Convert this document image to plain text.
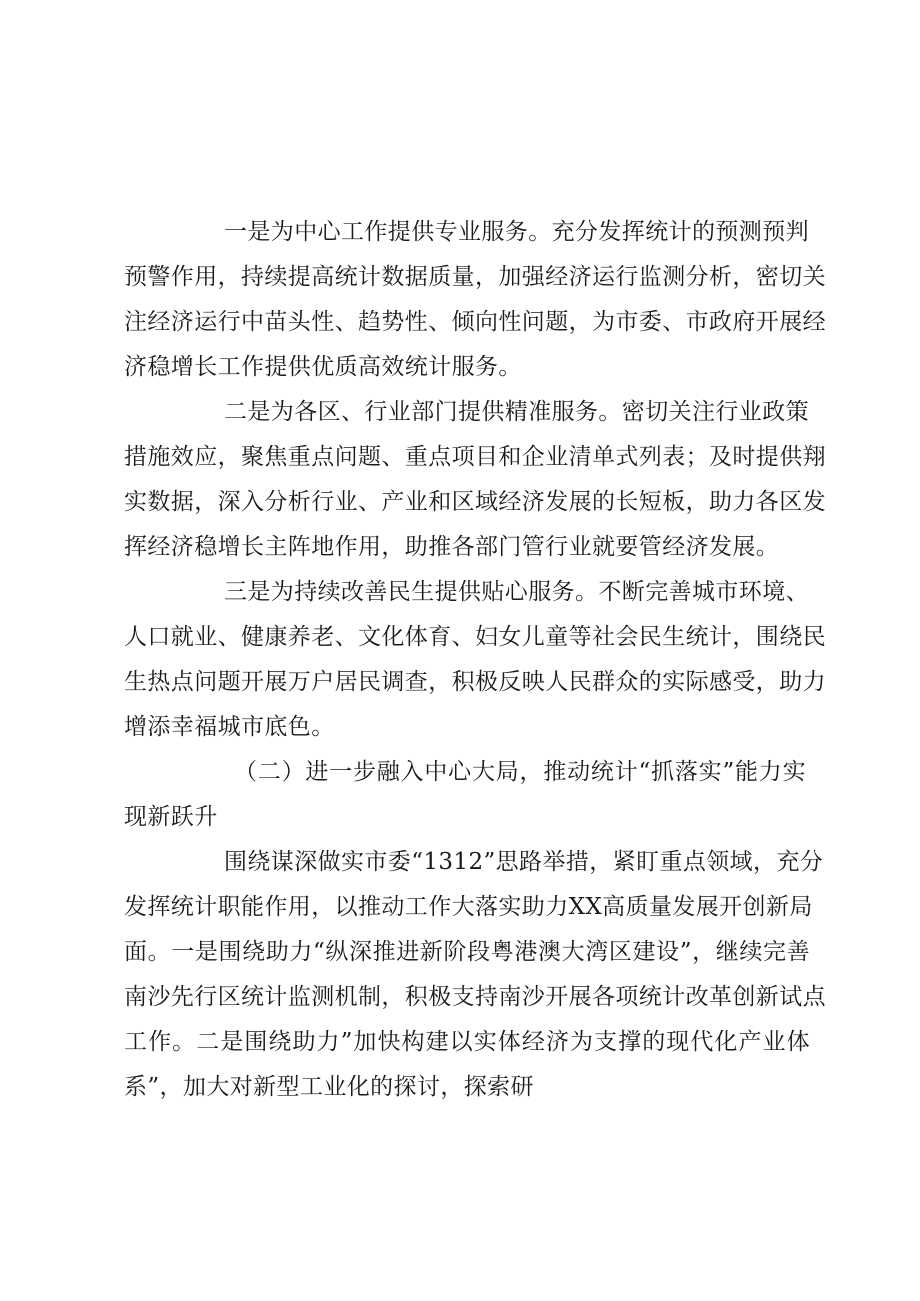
一是为中心工作提供专业服务。充分发挥统计的预测预判

预警作用，持续提高统计数据质量，加强经济运行监测分析，密切关

注经济运行中苗头性、趋势性、倾向性问题，为市委、市政府开展经

济稳增长工作提供优质高效统计服务。

二是为各区、行业部门提供精准服务。密切关注行业政策

措施效应，聚焦重点问题、重点项目和企业清单式列表；及时提供翔

实数据，深入分析行业、产业和区域经济发展的长短板，助力各区发

挥经济稳增长主阵地作用，助推各部门管行业就要管经济发展。

三是为持续改善民生提供贴心服务。不断完善城市环境、

人口就业、健康养老、文化体育、妇女儿童等社会民生统计，围绕民

生热点问题开展万户居民调查，积极反映人民群众的实际感受，助力

增添幸福城市底色。

（二）进一步融入中心大局，推动统计“抓落实”能力实

现新跃升

围绕谋深做实市委“1312”思路举措，紧盯重点领域，充分

发挥统计职能作用，以推动工作大落实助力XX高质量发展开创新局

面。一是围绕助力“纵深推进新阶段粤港澳大湾区建设”，继续完善

南沙先行区统计监测机制，积极支持南沙开展各项统计改革创新试点

工作。二是围绕助力”加快构建以实体经济为支撑的现代化产业体

系”，加大对新型工业化的探讨，探索研
